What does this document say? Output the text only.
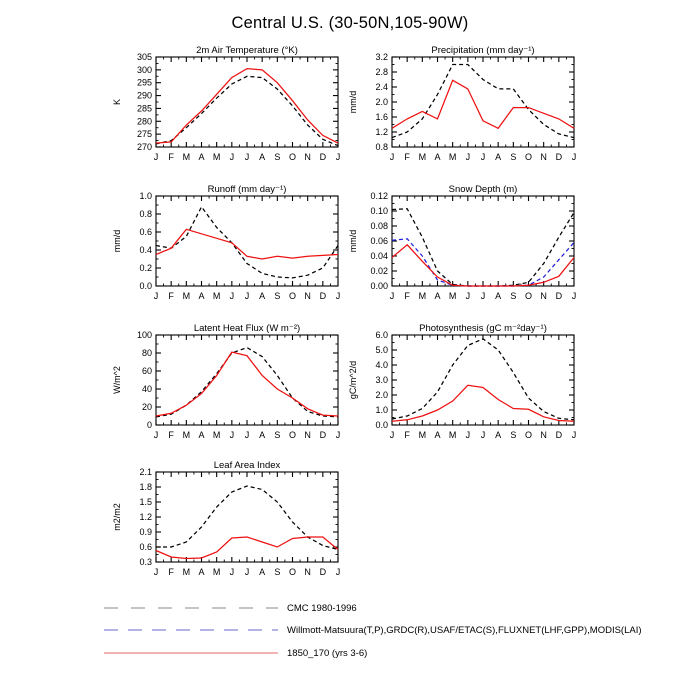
Central U.S. (30-50N,105-90W)
2m Air Temperature (°K)
K
270
275
280
285
290
295
300
305
J F M A M J J A S O N D J
Precipitation (mm day⁻¹)
mm/d
0.8
1.2
1.6
2.0
2.4
2.8
3.2
J F M A M J J A S O N D J
Runoff (mm day⁻¹)
mm/d
0.0
0.2
0.4
0.6
0.8
1.0
J F M A M J J A S O N D J
Snow Depth (m)
mm/d
0.00
0.02
0.04
0.06
0.08
0.10
0.12
J F M A M J J A S O N D J
Latent Heat Flux (W m⁻²)
W/m^2
0
20
40
60
80
100
J F M A M J J A S O N D J
Photosynthesis (gC m⁻²day⁻¹)
gC/m^2/d
0.0
1.0
2.0
3.0
4.0
5.0
6.0
J F M A M J J A S O N D J
Leaf Area Index
m2/m2
0.3
0.6
0.9
1.2
1.5
1.8
2.1
J F M A M J J A S O N D J
CMC 1980-1996
Willmott-Matsuura(T,P),GRDC(R),USAF/ETAC(S),FLUXNET(LHF,GPP),MODIS(LAI)
1850_170 (yrs 3-6)
